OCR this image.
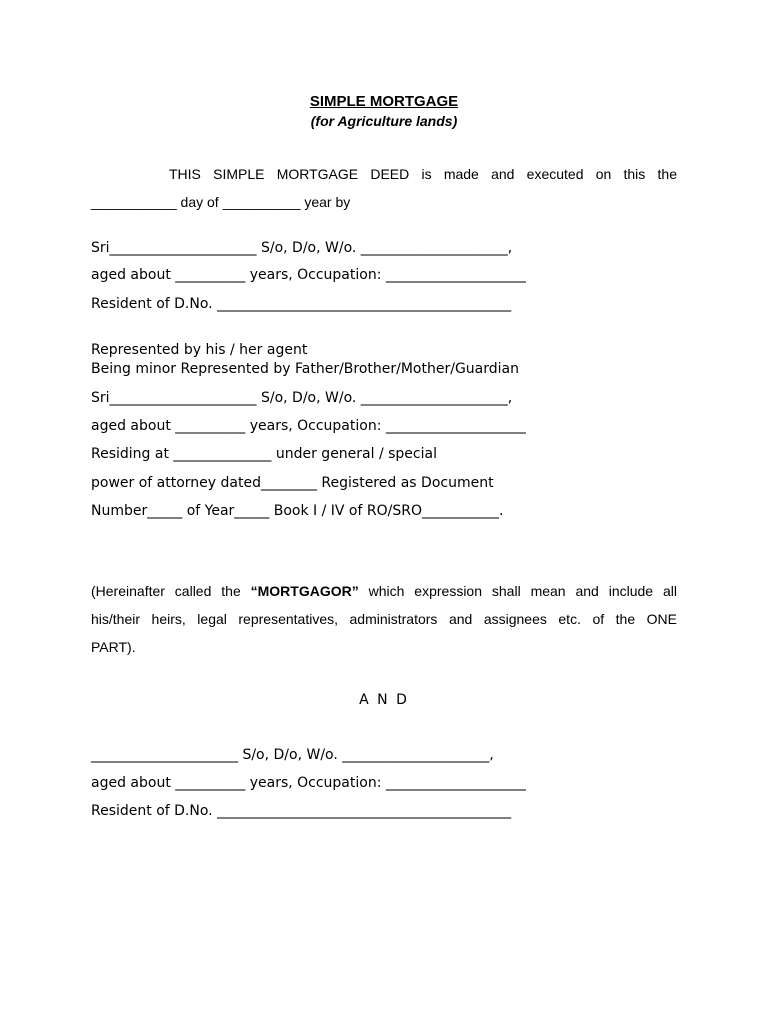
SIMPLE MORTGAGE
(for Agriculture lands)
THIS SIMPLE MORTGAGE DEED is made and executed on this the
___________ day of __________ year by
Sri_____________________ S/o, D/o, W/o. _____________________,
aged about __________ years, Occupation: ____________________
Resident of D.No. __________________________________________
Represented by his / her agent
Being minor Represented by Father/Brother/Mother/Guardian
Sri_____________________ S/o, D/o, W/o. _____________________,
aged about __________ years, Occupation: ____________________
Residing at ______________ under general / special
power of attorney dated________ Registered as Document
Number_____ of Year_____ Book I / IV of RO/SRO___________.
(Hereinafter called the “MORTGAGOR” which expression shall mean and include all
his/their heirs, legal representatives, administrators and assignees etc. of the ONE
PART).
A N D
_____________________ S/o, D/o, W/o. _____________________,
aged about __________ years, Occupation: ____________________
Resident of D.No. __________________________________________
